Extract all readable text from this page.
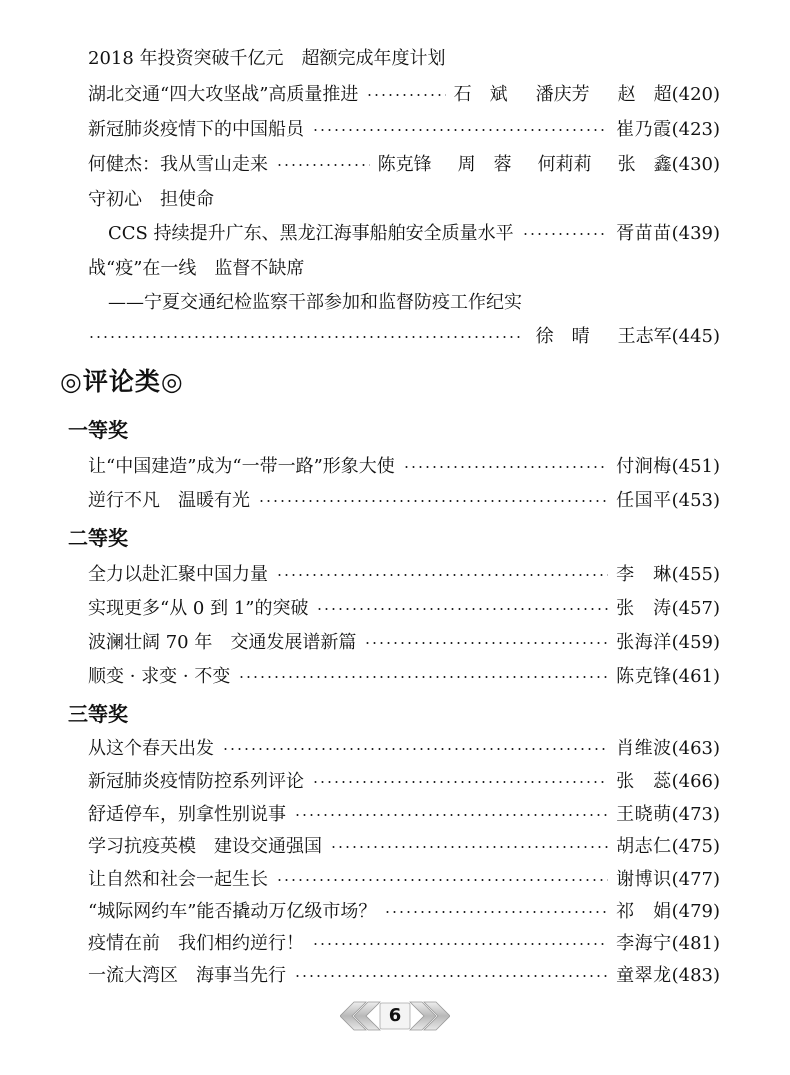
2018 年投资突破千亿元　超额完成年度计划
湖北交通“四大攻坚战”高质量推进	石　斌 潘庆芳 赵　超 (420)
新冠肺炎疫情下的中国船员	崔乃霞 (423)
何健杰：我从雪山走来	陈克锋 周　蓉 何莉莉 张　鑫 (430)
守初心　担使命
CCS 持续提升广东、黑龙江海事船舶安全质量水平	胥苗苗 (439)
战“疫”在一线　监督不缺席
——宁夏交通纪检监察干部参加和监督防疫工作纪实
徐　晴 王志军 (445)
◎评论类◎
一等奖
让“中国建造”成为“一带一路”形象大使	付涧梅 (451)
逆行不凡　温暖有光	任国平 (453)
二等奖
全力以赴汇聚中国力量	李　琳 (455)
实现更多“从 0 到 1”的突破	张　涛 (457)
波澜壮阔 70 年　交通发展谱新篇	张海洋 (459)
顺变 · 求变 · 不变	陈克锋 (461)
三等奖
从这个春天出发	肖维波 (463)
新冠肺炎疫情防控系列评论	张　蕊 (466)
舒适停车，别拿性别说事	王晓萌 (473)
学习抗疫英模　建设交通强国	胡志仁 (475)
让自然和社会一起生长	谢博识 (477)
“城际网约车”能否撬动万亿级市场？	祁　娟 (479)
疫情在前　我们相约逆行！	李海宁 (481)
一流大湾区　海事当先行	童翠龙 (483)
6
